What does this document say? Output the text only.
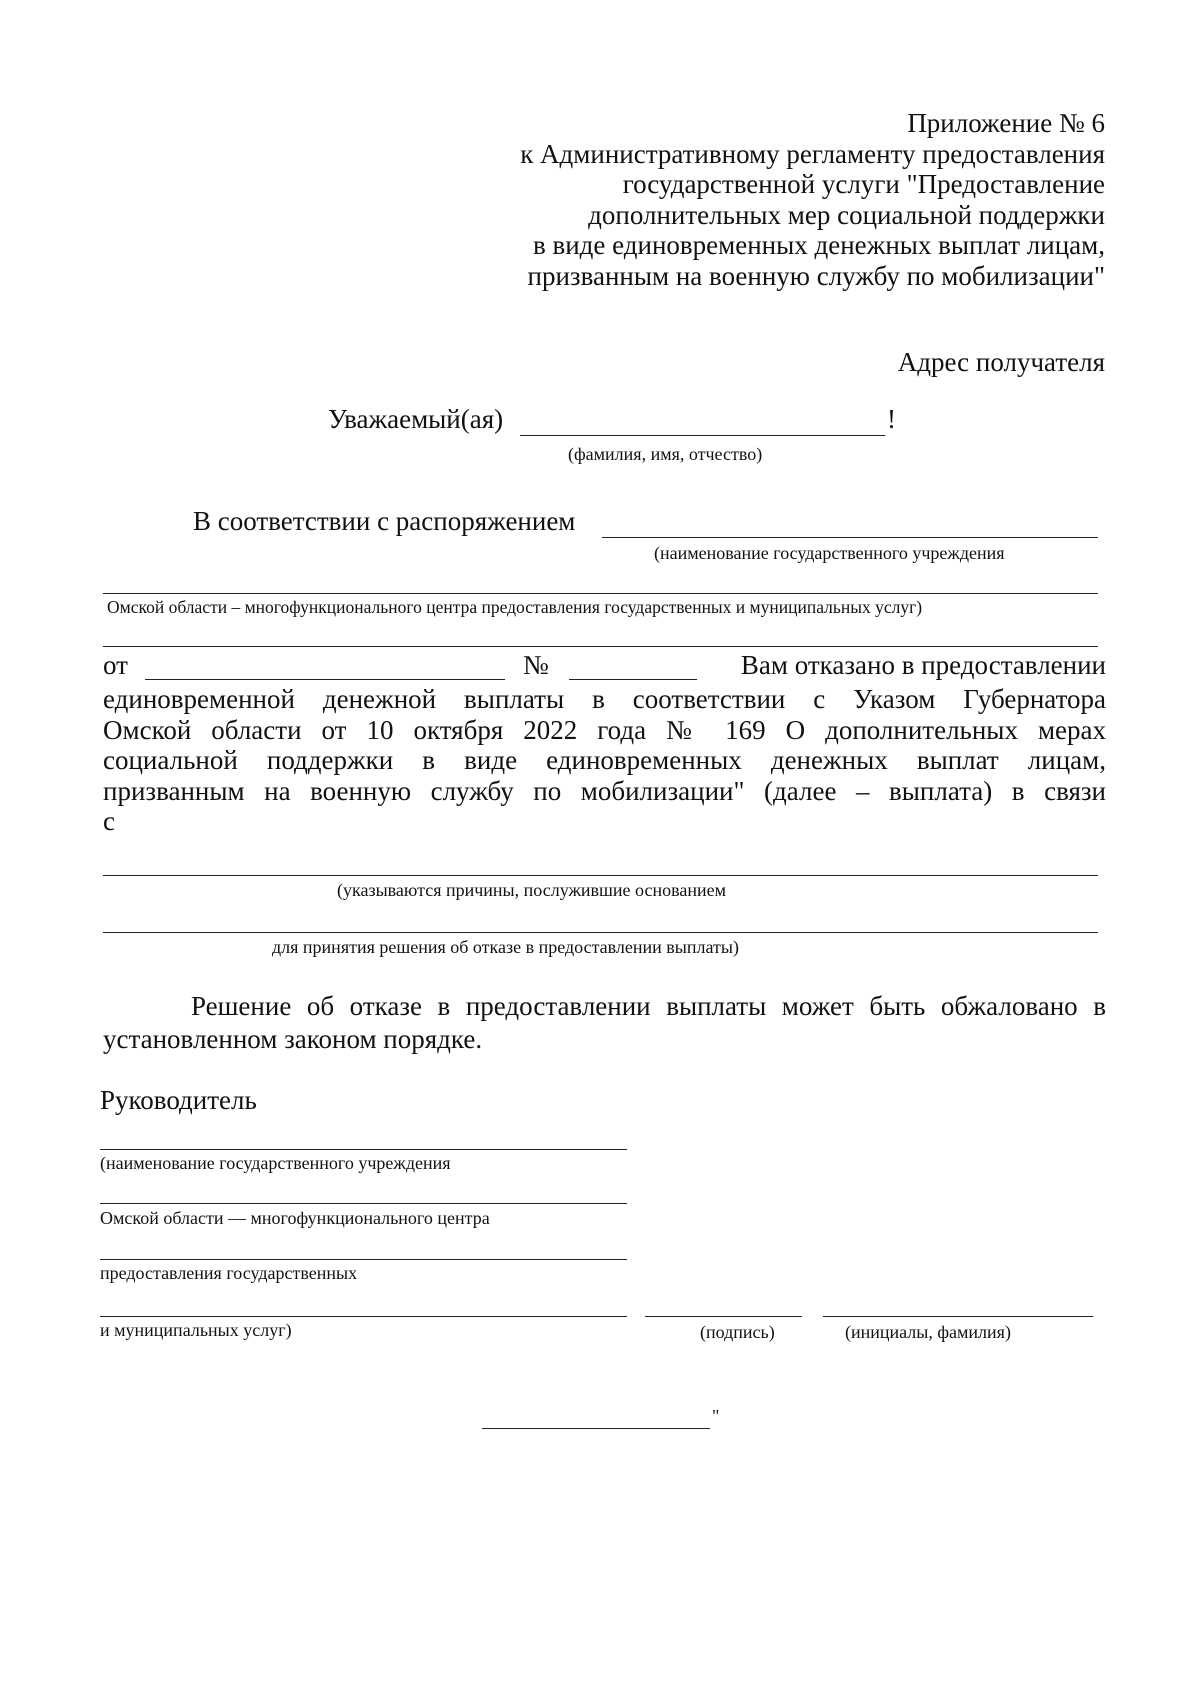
Приложение № 6
к Административному регламенту предоставления
государственной услуги "Предоставление
дополнительных мер социальной поддержки
в виде единовременных денежных выплат лицам,
призванным на военную службу по мобилизации"
Адрес получателя
Уважаемый(ая)	!
(фамилия, имя, отчество)
В соответствии с распоряжением
(наименование государственного учреждения
Омской области – многофункционального центра предоставления государственных и муниципальных услуг)
от	№	Вам отказано в предоставлении
единовременной денежной выплаты в соответствии с Указом Губернатора
Омской области от 10 октября 2022 года № 169 О дополнительных мерах
социальной поддержки в виде единовременных денежных выплат лицам,
призванным на военную службу по мобилизации" (далее – выплата) в связи
с
(указываются причины, послужившие основанием
для принятия решения об отказе в предоставлении выплаты)
Решение об отказе в предоставлении выплаты может быть обжаловано в
установленном законом порядке.
Руководитель
(наименование государственного учреждения
Омской области — многофункционального центра
предоставления государственных
и муниципальных услуг)	(подпись)	(инициалы, фамилия)
"
